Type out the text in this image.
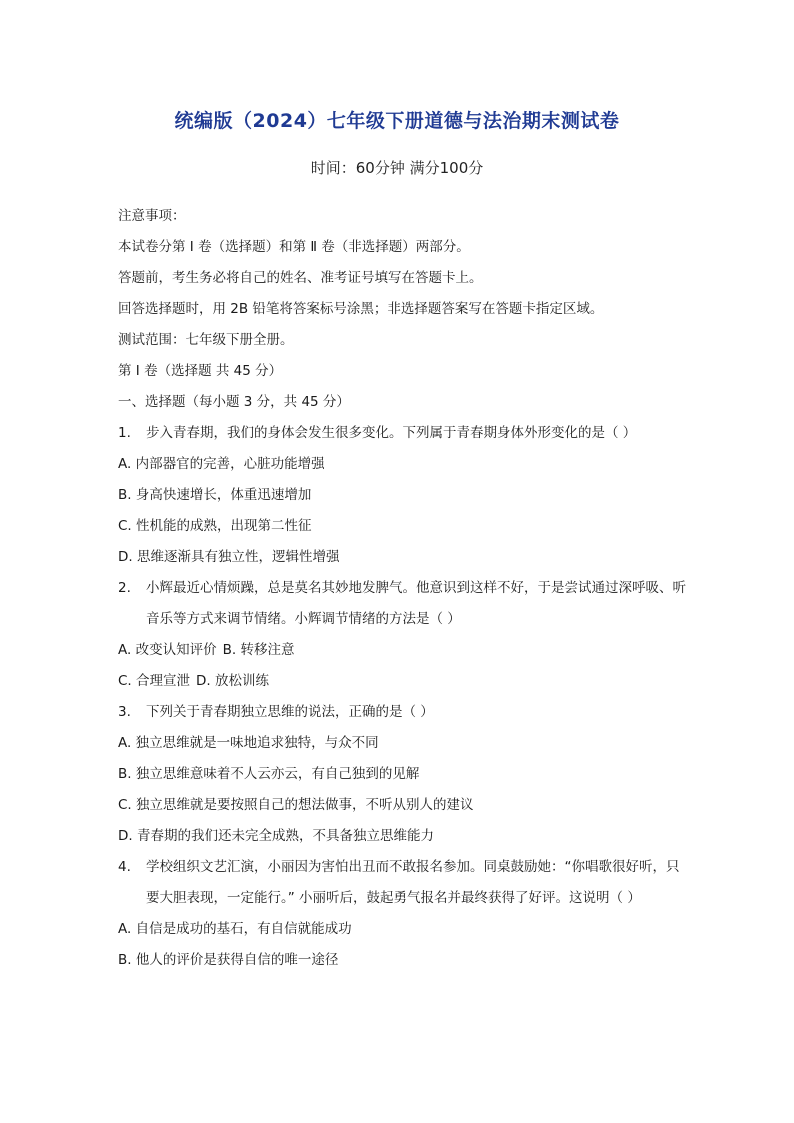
统编版（2024）七年级下册道德与法治期末测试卷
时间：60分钟 满分100分
注意事项：
本试卷分第 Ⅰ 卷（选择题）和第 Ⅱ 卷（非选择题）两部分。
答题前，考生务必将自己的姓名、准考证号填写在答题卡上。
回答选择题时，用 2B 铅笔将答案标号涂黑；非选择题答案写在答题卡指定区域。
测试范围：七年级下册全册。
第 Ⅰ 卷（选择题 共 45 分）
一、选择题（每小题 3 分，共 45 分）
1.	步入青春期，我们的身体会发生很多变化。下列属于青春期身体外形变化的是（ ）
A. 内部器官的完善，心脏功能增强
B. 身高快速增长，体重迅速增加
C. 性机能的成熟，出现第二性征
D. 思维逐渐具有独立性，逻辑性增强
2.	小辉最近心情烦躁，总是莫名其妙地发脾气。他意识到这样不好，于是尝试通过深呼吸、听音乐等方式来调节情绪。小辉调节情绪的方法是（ ）
A. 改变认知评价 B. 转移注意
C. 合理宣泄 D. 放松训练
3.	下列关于青春期独立思维的说法，正确的是（ ）
A. 独立思维就是一味地追求独特，与众不同
B. 独立思维意味着不人云亦云，有自己独到的见解
C. 独立思维就是要按照自己的想法做事，不听从别人的建议
D. 青春期的我们还未完全成熟，不具备独立思维能力
4.	学校组织文艺汇演，小丽因为害怕出丑而不敢报名参加。同桌鼓励她：“你唱歌很好听，只要大胆表现，一定能行。” 小丽听后，鼓起勇气报名并最终获得了好评。这说明（ ）
A. 自信是成功的基石，有自信就能成功
B. 他人的评价是获得自信的唯一途径
